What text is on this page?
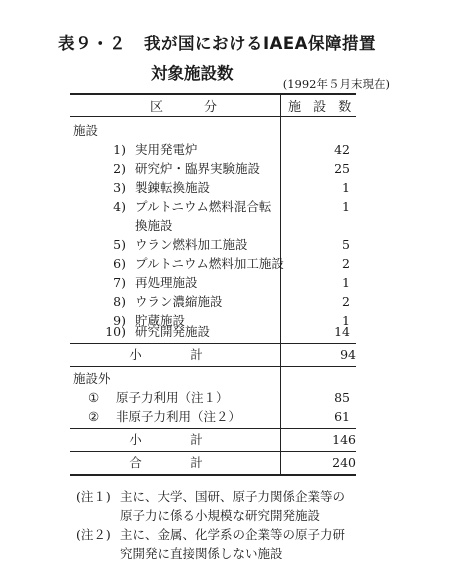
表９・２ 我が国におけるIAEA保障措置
対象施設数
(1992年５月末現在)
区　分	施 設 数
施設
1) 実用発電炉	42
2) 研究炉・臨界実験施設	25
3) 製錬転換施設	1
4) プルトニウム燃料混合転	1
換施設
5) ウラン燃料加工施設	5
6) プルトニウム燃料加工施設	2
7) 再処理施設	1
8) ウラン濃縮施設	2
9) 貯蔵施設	1
10) 研究開発施設	14
小　計	94
施設外
① 原子力利用（注１）	85
② 非原子力利用（注２）	61
小　計	146
合　計	240
(注１) 主に、大学、国研、原子力関係企業等の
原子力に係る小規模な研究開発施設
(注２) 主に、金属、化学系の企業等の原子力研
究開発に直接関係しない施設
